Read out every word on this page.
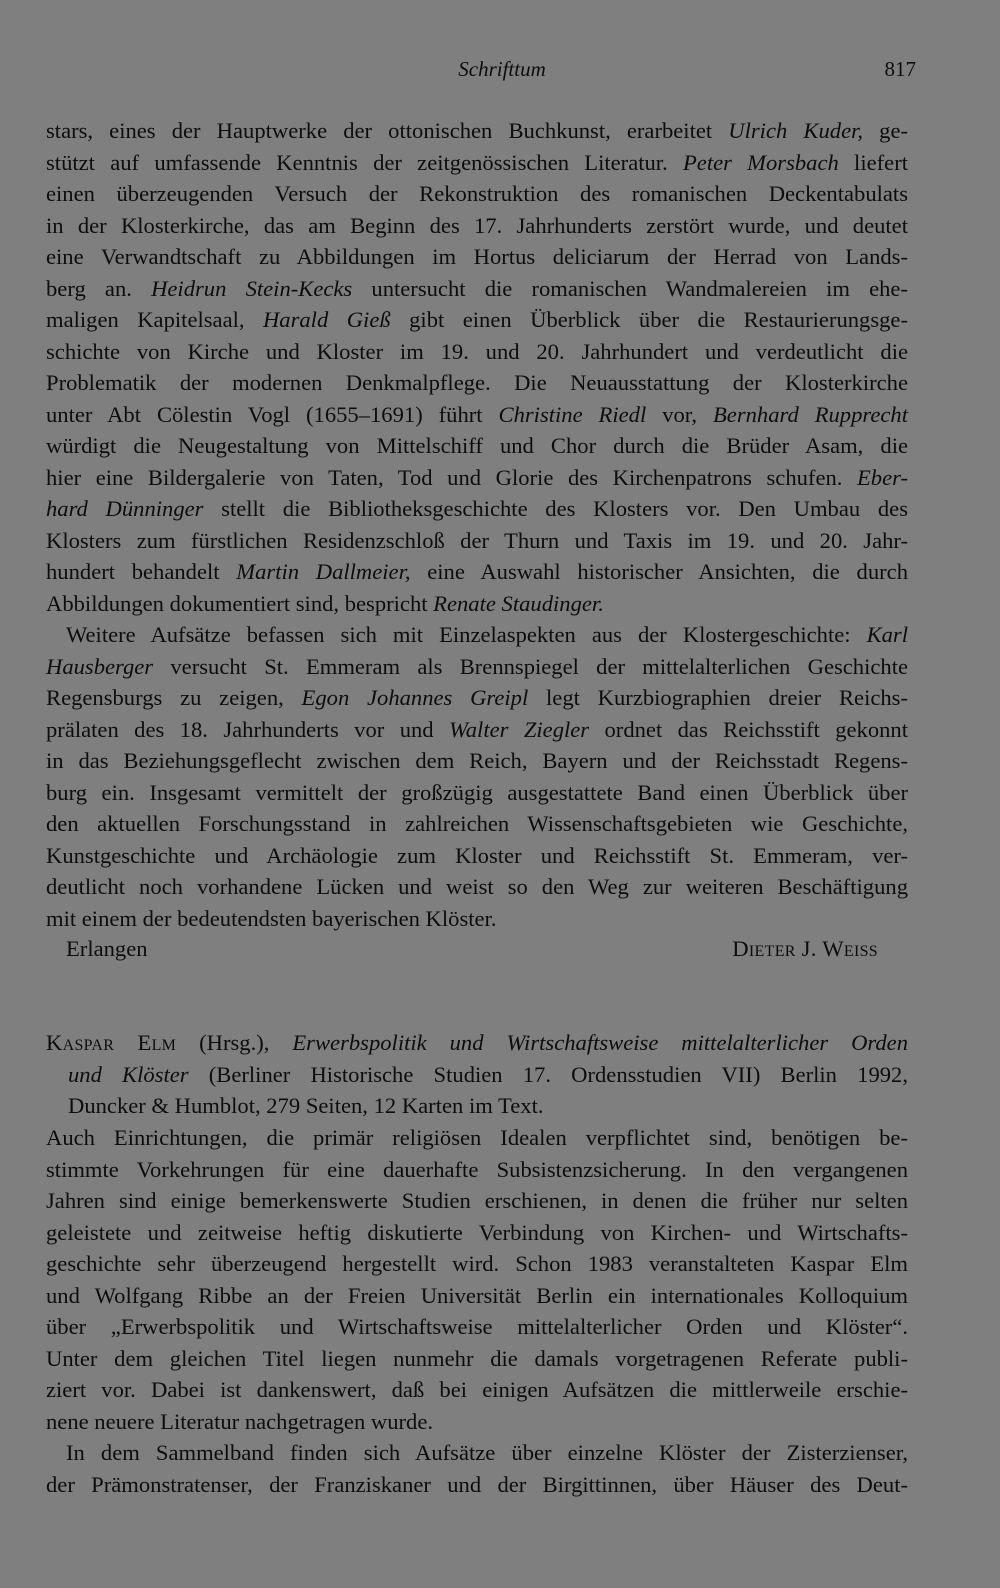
Schrifttum	817
stars, eines der Hauptwerke der ottonischen Buchkunst, erarbeitet Ulrich Kuder, ge-
stützt auf umfassende Kenntnis der zeitgenössischen Literatur. Peter Morsbach liefert
einen überzeugenden Versuch der Rekonstruktion des romanischen Deckentabulats
in der Klosterkirche, das am Beginn des 17. Jahrhunderts zerstört wurde, und deutet
eine Verwandtschaft zu Abbildungen im Hortus deliciarum der Herrad von Lands-
berg an. Heidrun Stein-Kecks untersucht die romanischen Wandmalereien im ehe-
maligen Kapitelsaal, Harald Gieß gibt einen Überblick über die Restaurierungsge-
schichte von Kirche und Kloster im 19. und 20. Jahrhundert und verdeutlicht die
Problematik der modernen Denkmalpflege. Die Neuausstattung der Klosterkirche
unter Abt Cölestin Vogl (1655–1691) führt Christine Riedl vor, Bernhard Rupprecht
würdigt die Neugestaltung von Mittelschiff und Chor durch die Brüder Asam, die
hier eine Bildergalerie von Taten, Tod und Glorie des Kirchenpatrons schufen. Eber-
hard Dünninger stellt die Bibliotheksgeschichte des Klosters vor. Den Umbau des
Klosters zum fürstlichen Residenzschloß der Thurn und Taxis im 19. und 20. Jahr-
hundert behandelt Martin Dallmeier, eine Auswahl historischer Ansichten, die durch
Abbildungen dokumentiert sind, bespricht Renate Staudinger.
Weitere Aufsätze befassen sich mit Einzelaspekten aus der Klostergeschichte: Karl
Hausberger versucht St. Emmeram als Brennspiegel der mittelalterlichen Geschichte
Regensburgs zu zeigen, Egon Johannes Greipl legt Kurzbiographien dreier Reichs-
prälaten des 18. Jahrhunderts vor und Walter Ziegler ordnet das Reichsstift gekonnt
in das Beziehungsgeflecht zwischen dem Reich, Bayern und der Reichsstadt Regens-
burg ein. Insgesamt vermittelt der großzügig ausgestattete Band einen Überblick über
den aktuellen Forschungsstand in zahlreichen Wissenschaftsgebieten wie Geschichte,
Kunstgeschichte und Archäologie zum Kloster und Reichsstift St. Emmeram, ver-
deutlicht noch vorhandene Lücken und weist so den Weg zur weiteren Beschäftigung
mit einem der bedeutendsten bayerischen Klöster.
Erlangen	Dieter J. Weiss
Kaspar Elm (Hrsg.), Erwerbspolitik und Wirtschaftsweise mittelalterlicher Orden
und Klöster (Berliner Historische Studien 17. Ordensstudien VII) Berlin 1992,
Duncker & Humblot, 279 Seiten, 12 Karten im Text.
Auch Einrichtungen, die primär religiösen Idealen verpflichtet sind, benötigen be-
stimmte Vorkehrungen für eine dauerhafte Subsistenzsicherung. In den vergangenen
Jahren sind einige bemerkenswerte Studien erschienen, in denen die früher nur selten
geleistete und zeitweise heftig diskutierte Verbindung von Kirchen- und Wirtschafts-
geschichte sehr überzeugend hergestellt wird. Schon 1983 veranstalteten Kaspar Elm
und Wolfgang Ribbe an der Freien Universität Berlin ein internationales Kolloquium
über „Erwerbspolitik und Wirtschaftsweise mittelalterlicher Orden und Klöster“.
Unter dem gleichen Titel liegen nunmehr die damals vorgetragenen Referate publi-
ziert vor. Dabei ist dankenswert, daß bei einigen Aufsätzen die mittlerweile erschie-
nene neuere Literatur nachgetragen wurde.
In dem Sammelband finden sich Aufsätze über einzelne Klöster der Zisterzienser,
der Prämonstratenser, der Franziskaner und der Birgittinnen, über Häuser des Deut-
